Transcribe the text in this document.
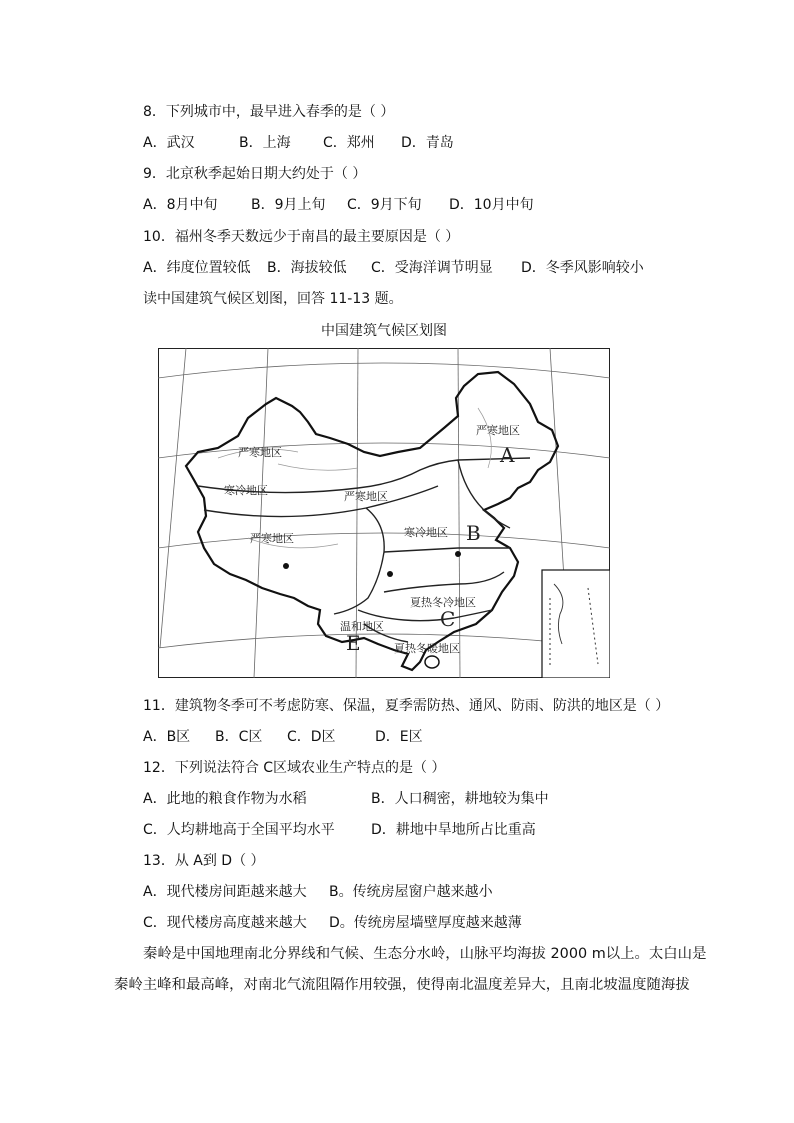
8．下列城市中，最早进入春季的是（ ）
A．武汉	B．上海 C．郑州 D．青岛
9．北京秋季起始日期大约处于（ ）
A．8月中旬 B．9月上旬 C．9月下旬 D．10月中旬
10．福州冬季天数远少于南昌的最主要原因是（ ）
A．纬度位置较低 B．海拔较低 C．受海洋调节明显 D．冬季风影响较小
读中国建筑气候区划图，回答 11-13 题。
中国建筑气候区划图
严寒地区
严寒地区
寒冷地区	严寒地区
严寒地区	寒冷地区
夏热冬冷地区
温和地区
夏热冬暖地区
A
B
C
E
11．建筑物冬季可不考虑防寒、保温，夏季需防热、通风、防雨、防洪的地区是（ ）
A．B区 B．C区 C．D区	D．E区
12．下列说法符合 C区域农业生产特点的是（ ）
A．此地的粮食作物为水稻	B．人口稠密，耕地较为集中
C．人均耕地高于全国平均水平	D．耕地中旱地所占比重高
13．从 A到 D（ ）
A．现代楼房间距越来越大 B。传统房屋窗户越来越小
C．现代楼房高度越来越大 D。传统房屋墙壁厚度越来越薄
秦岭是中国地理南北分界线和气候、生态分水岭，山脉平均海拔 2000 m以上。太白山是
秦岭主峰和最高峰，对南北气流阻隔作用较强，使得南北温度差异大，且南北坡温度随海拔
